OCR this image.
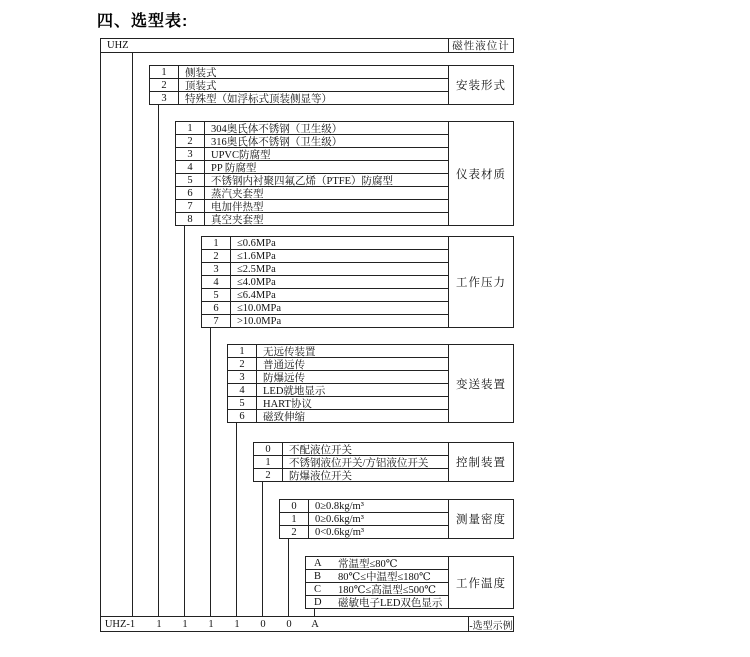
四、选型表:
UHZ	磁性液位计
1	侧装式
2	顶装式
3	特殊型（如浮标式顶装侧显等）
安装形式
1	304奥氏体不锈钢（卫生级）
2	316奥氏体不锈钢（卫生级）
3	UPVC防腐型
4	PP 防腐型
5	不锈钢内衬聚四氟乙烯（PTFE）防腐型
6	蒸汽夹套型
7	电加伴热型
8	真空夹套型
仪表材质
1	≤0.6MPa
2	≤1.6MPa
3	≤2.5MPa
4	≤4.0MPa
5	≤6.4MPa
6	≤10.0MPa
7	>10.0MPa
工作压力
1	无远传装置
2	普通远传
3	防爆远传
4	LED就地显示
5	HART协议
6	磁致伸缩
变送装置
0	不配液位开关
1	不锈钢液位开关/方铝液位开关
2	防爆液位开关
控制装置
0	0≥0.8kg/m³
1	0≥0.6kg/m³
2	0<0.6kg/m³
测量密度
A	常温型≤80℃
B	80℃≤中温型≤180℃
C	180℃≤高温型≤500℃
D	磁敏电子LED双色显示
工作温度
UHZ-1	1	1	1	1	0	0	A	-选型示例
